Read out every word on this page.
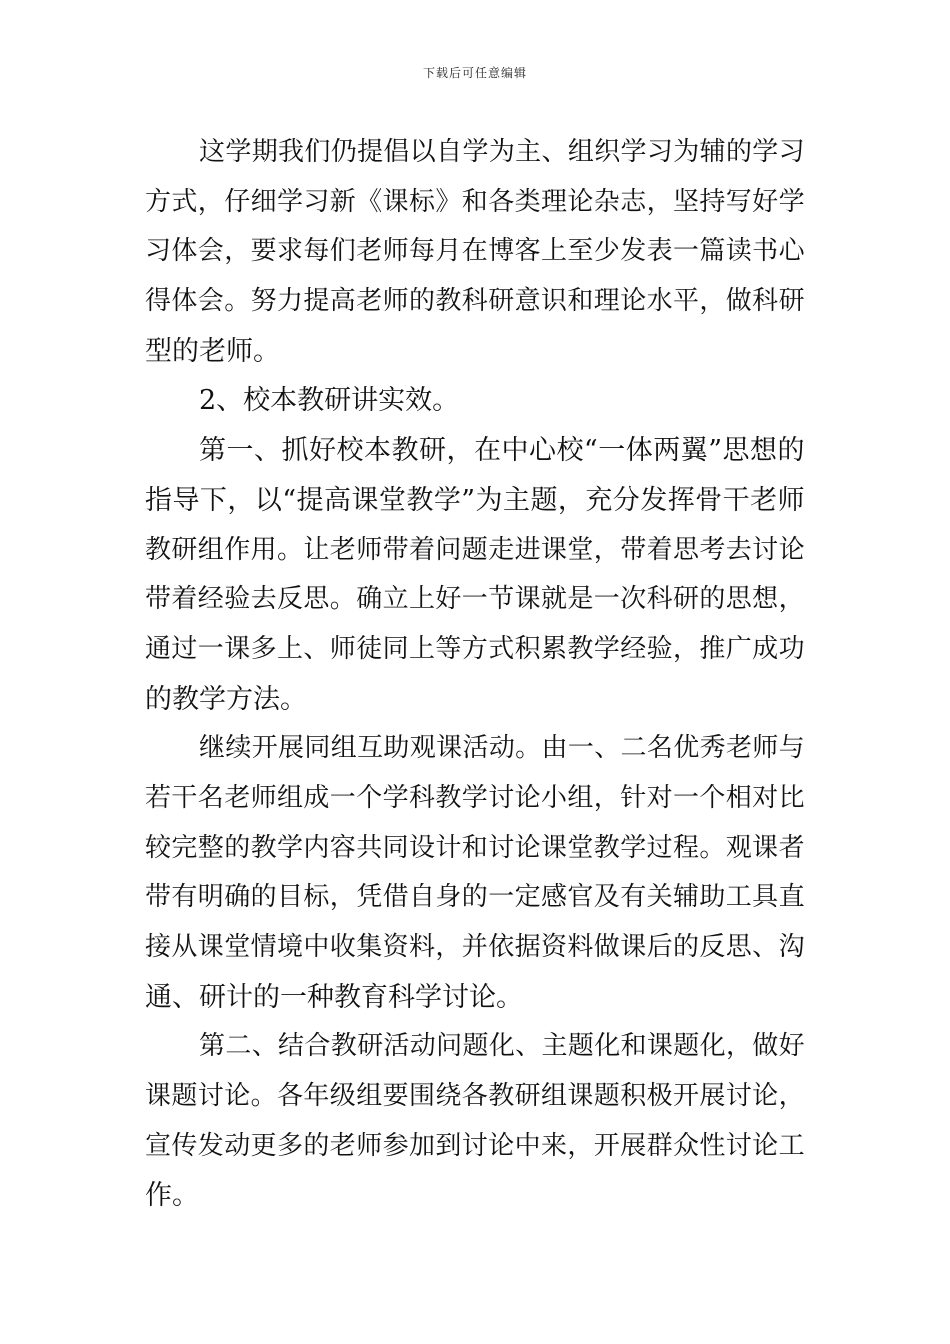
下载后可任意编辑
这学期我们仍提倡以自学为主、组织学习为辅的学习
方式，仔细学习新《课标》和各类理论杂志，坚持写好学
习体会，要求每们老师每月在博客上至少发表一篇读书心
得体会。努力提高老师的教科研意识和理论水平，做科研
型的老师。
2、校本教研讲实效。
第一、抓好校本教研，在中心校“一体两翼”思想的
指导下，以“提高课堂教学”为主题，充分发挥骨干老师
教研组作用。让老师带着问题走进课堂，带着思考去讨论
带着经验去反思。确立上好一节课就是一次科研的思想，
通过一课多上、师徒同上等方式积累教学经验，推广成功
的教学方法。
继续开展同组互助观课活动。由一、二名优秀老师与
若干名老师组成一个学科教学讨论小组，针对一个相对比
较完整的教学内容共同设计和讨论课堂教学过程。观课者
带有明确的目标，凭借自身的一定感官及有关辅助工具直
接从课堂情境中收集资料，并依据资料做课后的反思、沟
通、研计的一种教育科学讨论。
第二、结合教研活动问题化、主题化和课题化，做好
课题讨论。各年级组要围绕各教研组课题积极开展讨论，
宣传发动更多的老师参加到讨论中来，开展群众性讨论工
作。
